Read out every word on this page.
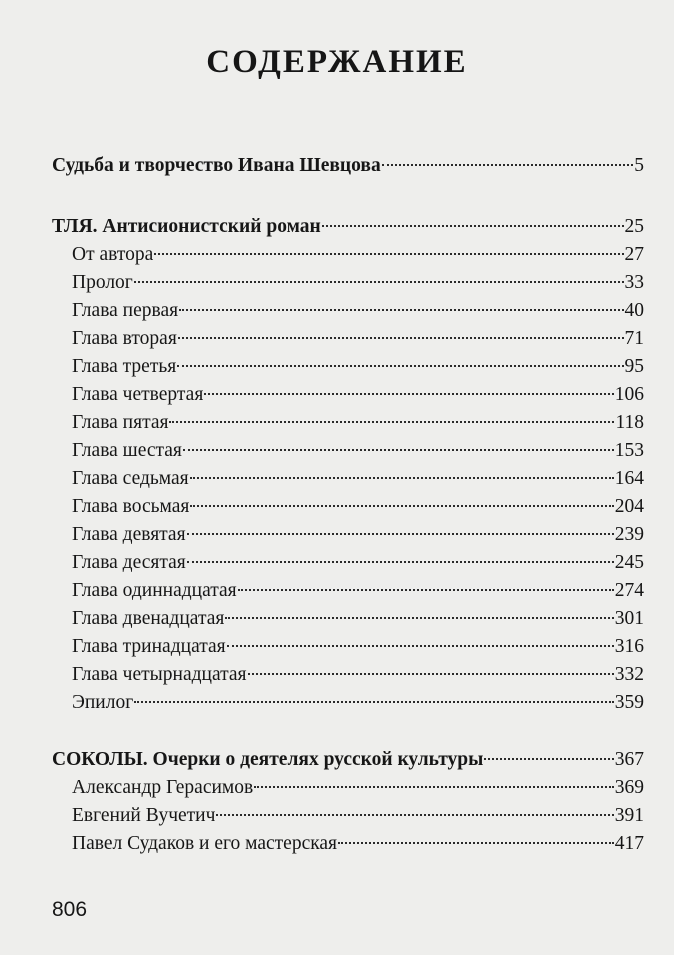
СОДЕРЖАНИЕ
Судьба и творчество Ивана Шевцова	5
ТЛЯ. Антисионистский роман	25
От автора	27
Пролог	33
Глава первая	40
Глава вторая	71
Глава третья	95
Глава четвертая	106
Глава пятая	118
Глава шестая	153
Глава седьмая	164
Глава восьмая	204
Глава девятая	239
Глава десятая	245
Глава одиннадцатая	274
Глава двенадцатая	301
Глава тринадцатая	316
Глава четырнадцатая	332
Эпилог	359
СОКОЛЫ. Очерки о деятелях русской культуры	367
Александр Герасимов	369
Евгений Вучетич	391
Павел Судаков и его мастерская	417
806
